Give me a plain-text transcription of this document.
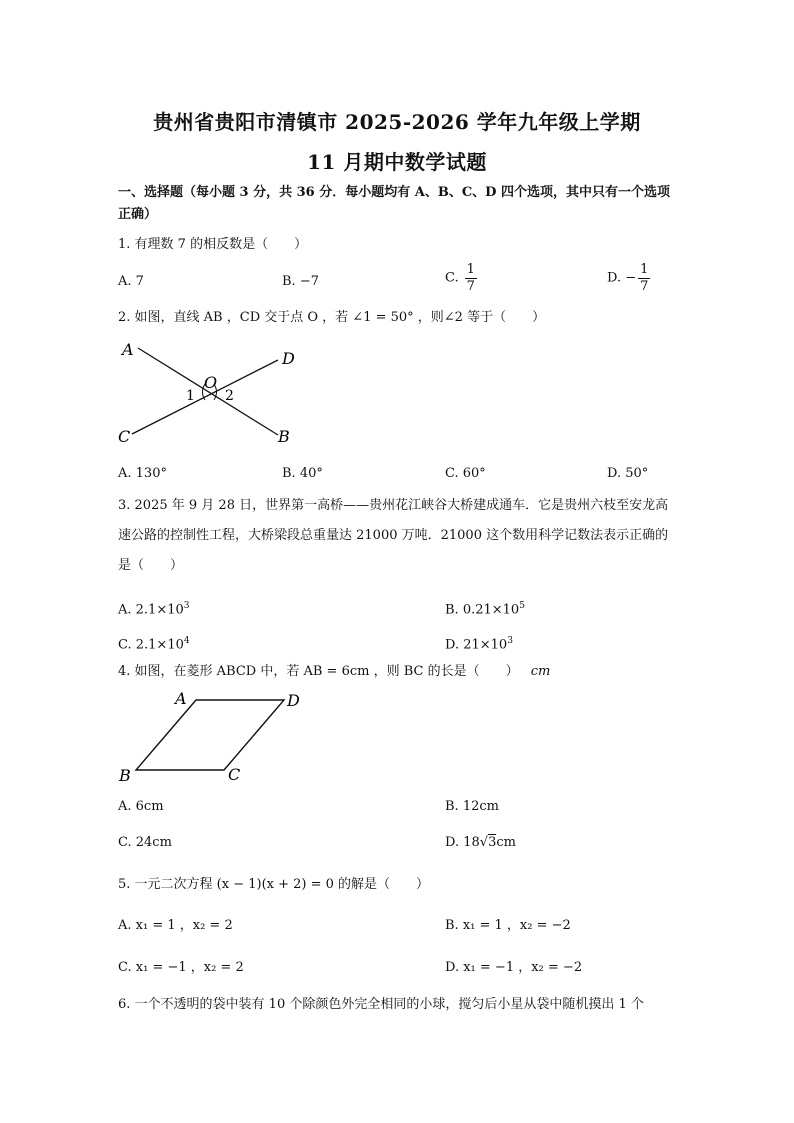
贵州省贵阳市清镇市 2025-2026 学年九年级上学期
11 月期中数学试题
一、选择题（每小题 3 分，共 36 分．每小题均有 A、B、C、D 四个选项，其中只有一个选项正确）
1. 有理数 7 的相反数是（　　）
A. 7	B. −7	C. $\frac{1}{7}$	D. − $\frac{1}{7}$
2. 如图，直线 AB ，CD 交于点 O ，若 ∠1 = 50° ，则∠2 等于（　　）
A	D
O
1 2
C	B
A. 130°	B. 40°	C. 60°	D. 50°
3. 2025 年 9 月 28 日，世界第一高桥——贵州花江峡谷大桥建成通车．它是贵州六枝至安龙高速公路的控制性工程，大桥梁段总重量达 21000 万吨．21000 这个数用科学记数法表示正确的是（　　）
A. $2.1\times 10^3$	B. $0.21\times 10^5$
C. $2.1\times 10^4$	D. $21\times 10^3$
4. 如图，在菱形 ABCD 中，若 AB = 6cm ，则 BC 的长是（　　） cm
A	D
B	C
A. 6cm	B. 12cm
C. 24cm	D. 18√3cm
5. 一元二次方程 (x − 1)(x + 2) = 0 的解是（　　）
A. x₁ = 1 ，x₂ = 2	B. x₁ = 1 ，x₂ = −2
C. x₁ = −1 ，x₂ = 2	D. x₁ = −1 ，x₂ = −2
6. 一个不透明的袋中装有 10 个除颜色外完全相同的小球，搅匀后小星从袋中随机摸出 1 个
